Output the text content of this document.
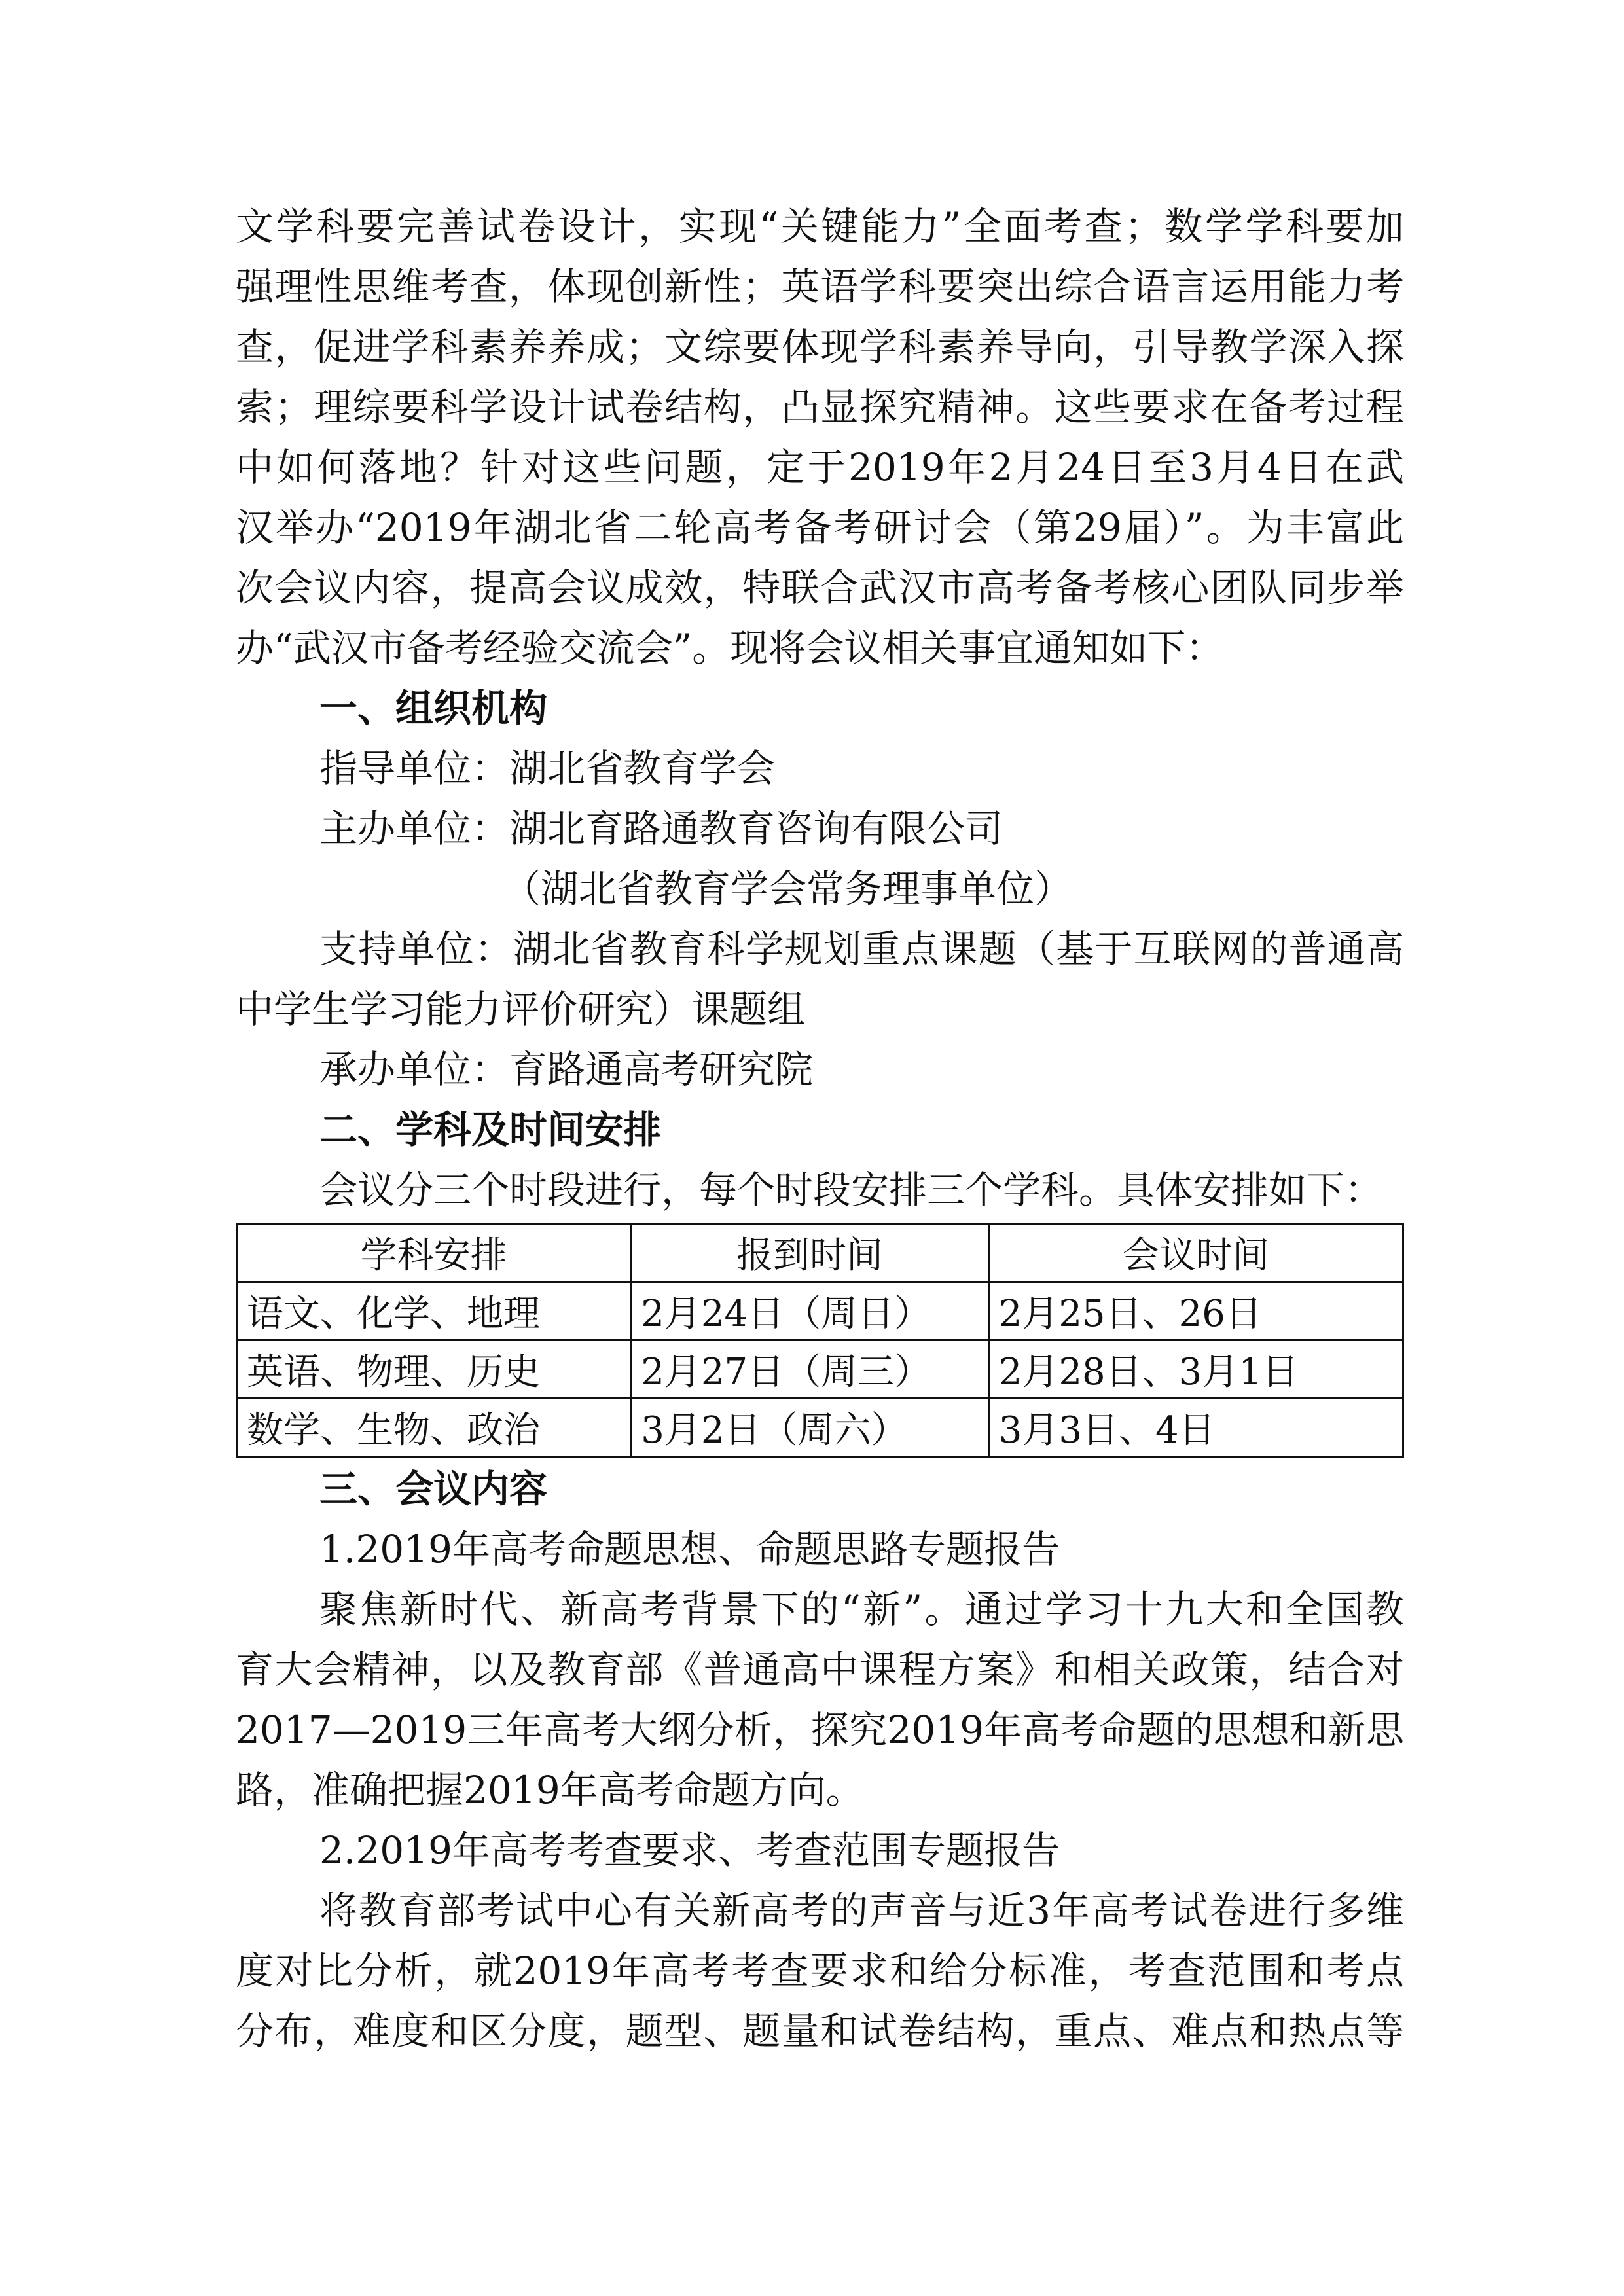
文学科要完善试卷设计，实现“关键能力”全面考查；数学学科要加
强理性思维考查，体现创新性；英语学科要突出综合语言运用能力考
查，促进学科素养养成；文综要体现学科素养导向，引导教学深入探
索；理综要科学设计试卷结构，凸显探究精神。这些要求在备考过程
中如何落地？针对这些问题，定于2019年2月24日至3月4日在武
汉举办“2019年湖北省二轮高考备考研讨会（第29届）”。为丰富此
次会议内容，提高会议成效，特联合武汉市高考备考核心团队同步举
办“武汉市备考经验交流会”。现将会议相关事宜通知如下：
一、组织机构
指导单位：湖北省教育学会
主办单位：湖北育路通教育咨询有限公司
（湖北省教育学会常务理事单位）
支持单位：湖北省教育科学规划重点课题（基于互联网的普通高
中学生学习能力评价研究）课题组
承办单位：育路通高考研究院
二、学科及时间安排
会议分三个时段进行，每个时段安排三个学科。具体安排如下：
学科安排	报到时间	会议时间
语文、化学、地理	2月24日（周日）	2月25日、26日
英语、物理、历史	2月27日（周三）	2月28日、3月1日
数学、生物、政治	3月2日（周六）	3月3日、4日
三、会议内容
1.2019年高考命题思想、命题思路专题报告
聚焦新时代、新高考背景下的“新”。通过学习十九大和全国教
育大会精神，以及教育部《普通高中课程方案》和相关政策，结合对
2017—2019三年高考大纲分析，探究2019年高考命题的思想和新思
路，准确把握2019年高考命题方向。
2.2019年高考考查要求、考查范围专题报告
将教育部考试中心有关新高考的声音与近3年高考试卷进行多维
度对比分析，就2019年高考考查要求和给分标准，考查范围和考点
分布，难度和区分度，题型、题量和试卷结构，重点、难点和热点等
